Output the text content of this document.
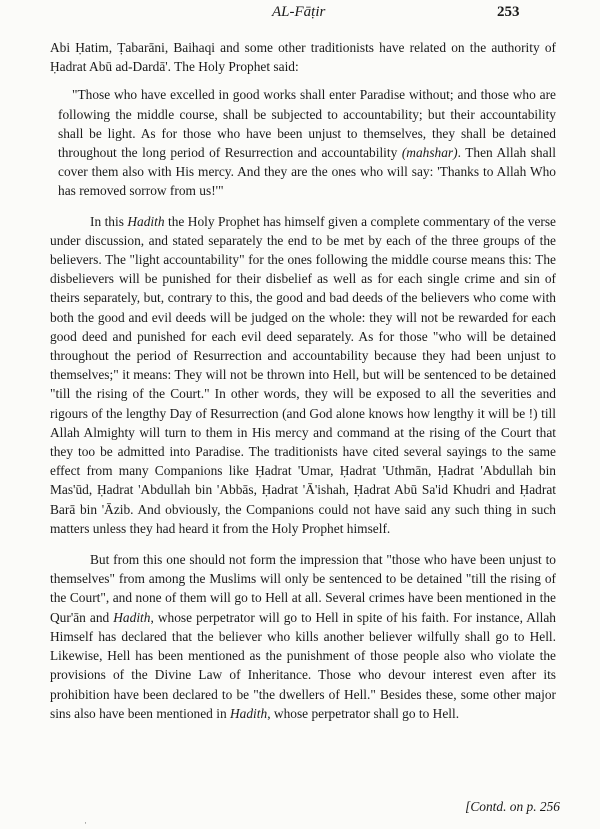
AL-Fāṭir	253

Abi Ḥatim, Ṭabarāni, Baihaqi and some other traditionists have related on the authority of Ḥadrat Abū ad-Dardā'. The Holy Prophet said:

"Those who have excelled in good works shall enter Paradise without; and those who are following the middle course, shall be subjected to accountability; but their accountability shall be light. As for those who have been unjust to themselves, they shall be detained throughout the long period of Resurrection and accountability (mahshar). Then Allah shall cover them also with His mercy. And they are the ones who will say: 'Thanks to Allah Who has removed sorrow from us!'"

In this Hadith the Holy Prophet has himself given a complete commentary of the verse under discussion, and stated separately the end to be met by each of the three groups of the believers. The "light accountability" for the ones following the middle course means this: The disbelievers will be punished for their disbelief as well as for each single crime and sin of theirs separately, but, contrary to this, the good and bad deeds of the believers who come with both the good and evil deeds will be judged on the whole: they will not be rewarded for each good deed and punished for each evil deed separately. As for those "who will be detained throughout the period of Resurrection and accountability because they had been unjust to themselves;" it means: They will not be thrown into Hell, but will be sentenced to be detained "till the rising of the Court." In other words, they will be exposed to all the severities and rigours of the lengthy Day of Resurrection (and God alone knows how lengthy it will be !) till Allah Almighty will turn to them in His mercy and command at the rising of the Court that they too be admitted into Paradise. The traditionists have cited several sayings to the same effect from many Companions like Ḥadrat 'Umar, Ḥadrat 'Uthmān, Ḥadrat 'Abdullah bin Mas'ūd, Ḥadrat 'Abdullah bin 'Abbās, Ḥadrat 'Ā'ishah, Ḥadrat Abū Sa'id Khudri and Ḥadrat Barā bin 'Āzib. And obviously, the Companions could not have said any such thing in such matters unless they had heard it from the Holy Prophet himself.

But from this one should not form the impression that "those who have been unjust to themselves" from among the Muslims will only be sentenced to be detained "till the rising of the Court", and none of them will go to Hell at all. Several crimes have been mentioned in the Qur'ān and Hadith, whose perpetrator will go to Hell in spite of his faith. For instance, Allah Himself has declared that the believer who kills another believer wilfully shall go to Hell. Likewise, Hell has been mentioned as the punishment of those people also who violate the provisions of the Divine Law of Inheritance. Those who devour interest even after its prohibition have been declared to be "the dwellers of Hell." Besides these, some other major sins also have been mentioned in Hadith, whose perpetrator shall go to Hell.

[Contd. on p. 256
·
